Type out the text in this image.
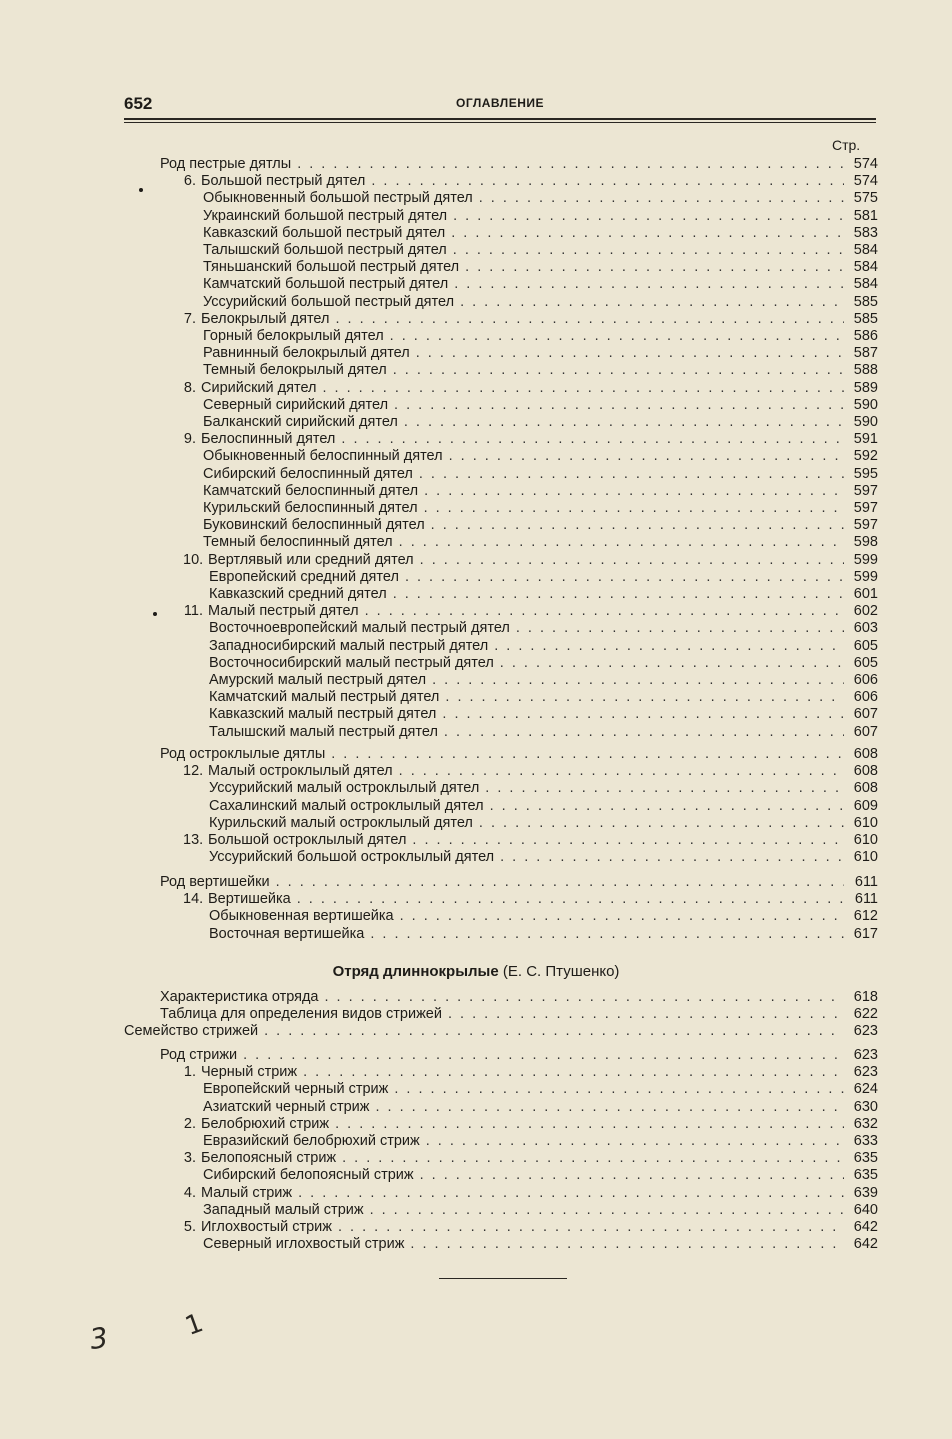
652	ОГЛАВЛЕНИЕ
Стр.
Род пестрые дятлы . . .	574
6. Большой пестрый дятел . . .	574
Обыкновенный большой пестрый дятел . . .	575
Украинский большой пестрый дятел . . .	581
Кавказский большой пестрый дятел . . .	583
Талышский большой пестрый дятел . . .	584
Тяньшанский большой пестрый дятел . . .	584
Камчатский большой пестрый дятел . . .	584
Уссурийский большой пестрый дятел . . .	585
7. Белокрылый дятел . . .	585
Горный белокрылый дятел . . .	586
Равнинный белокрылый дятел . . .	587
Темный белокрылый дятел . . .	588
8. Сирийский дятел . . .	589
Северный сирийский дятел . . .	590
Балканский сирийский дятел . . .	590
9. Белоспинный дятел . . .	591
Обыкновенный белоспинный дятел . . .	592
Сибирский белоспинный дятел . . .	595
Камчатский белоспинный дятел . . .	597
Курильский белоспинный дятел . . .	597
Буковинский белоспинный дятел . . .	597
Темный белоспинный дятел . . .	598
10. Вертлявый или средний дятел . . .	599
Европейский средний дятел . . .	599
Кавказский средний дятел . . .	601
11. Малый пестрый дятел . . .	602
Восточноевропейский малый пестрый дятел . . .	603
Западносибирский малый пестрый дятел . . .	605
Восточносибирский малый пестрый дятел . . .	605
Амурский малый пестрый дятел . . .	606
Камчатский малый пестрый дятел . . .	606
Кавказский малый пестрый дятел . . .	607
Талышский малый пестрый дятел . . .	607
Род остроклылые дятлы . . .	608
12. Малый остроклылый дятел . . .	608
Уссурийский малый остроклылый дятел . . .	608
Сахалинский малый остроклылый дятел . . .	609
Курильский малый остроклылый дятел . . .	610
13. Большой остроклылый дятел . . .	610
Уссурийский большой остроклылый дятел . . .	610
Род вертишейки . . .	611
14. Вертишейка . . .	611
Обыкновенная вертишейка . . .	612
Восточная вертишейка . . .	617
Характеристика отряда . . .	618
Таблица для определения видов стрижей . . .	622
Семейство стрижей . . .	623
Род стрижи . . .	623
1. Черный стриж . . .	623
Европейский черный стриж . . .	624
Азиатский черный стриж . . .	630
2. Белобрюхий стриж . . .	632
Евразийский белобрюхий стриж . . .	633
3. Белопоясный стриж . . .	635
Сибирский белопоясный стриж . . .	635
4. Малый стриж . . .	639
Западный малый стриж . . .	640
5. Иглохвостый стриж . . .	642
Северный иглохвостый стриж . . .	642
Отряд длиннокрылые (Е. С. Птушенко)
3	1
